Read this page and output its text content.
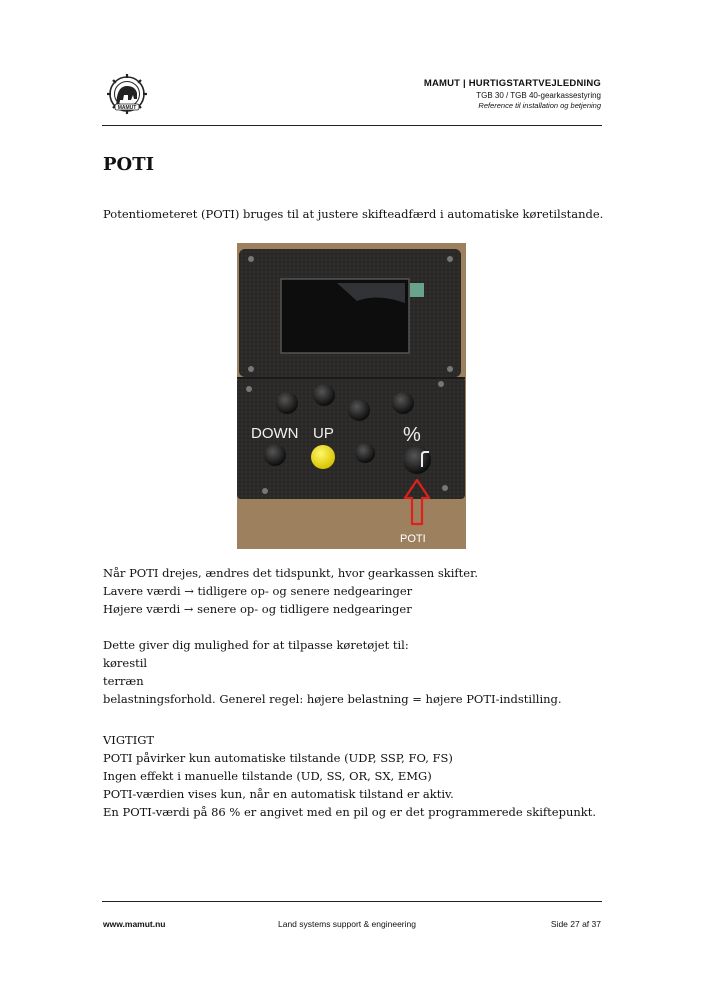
MAMUT
MAMUT | HURTIGSTARTVEJLEDNING
TGB 30 / TGB 40-gearkassestyring
Reference til installation og betjening
POTI
Potentiometeret (POTI) bruges til at justere skifteadfærd i automatiske køretilstande.
DOWN UP	%
POTI
Når POTI drejes, ændres det tidspunkt, hvor gearkassen skifter.
Lavere værdi → tidligere op- og senere nedgearinger
Højere værdi → senere op- og tidligere nedgearinger
Dette giver dig mulighed for at tilpasse køretøjet til:
kørestil
terræn
belastningsforhold. Generel regel: højere belastning = højere POTI-indstilling.
VIGTIGT
POTI påvirker kun automatiske tilstande (UDP, SSP, FO, FS)
Ingen effekt i manuelle tilstande (UD, SS, OR, SX, EMG)
POTI-værdien vises kun, når en automatisk tilstand er aktiv.
En POTI-værdi på 86 % er angivet med en pil og er det programmerede skiftepunkt.
www.mamut.nu	Land systems support & engineering	Side 27 af 37
